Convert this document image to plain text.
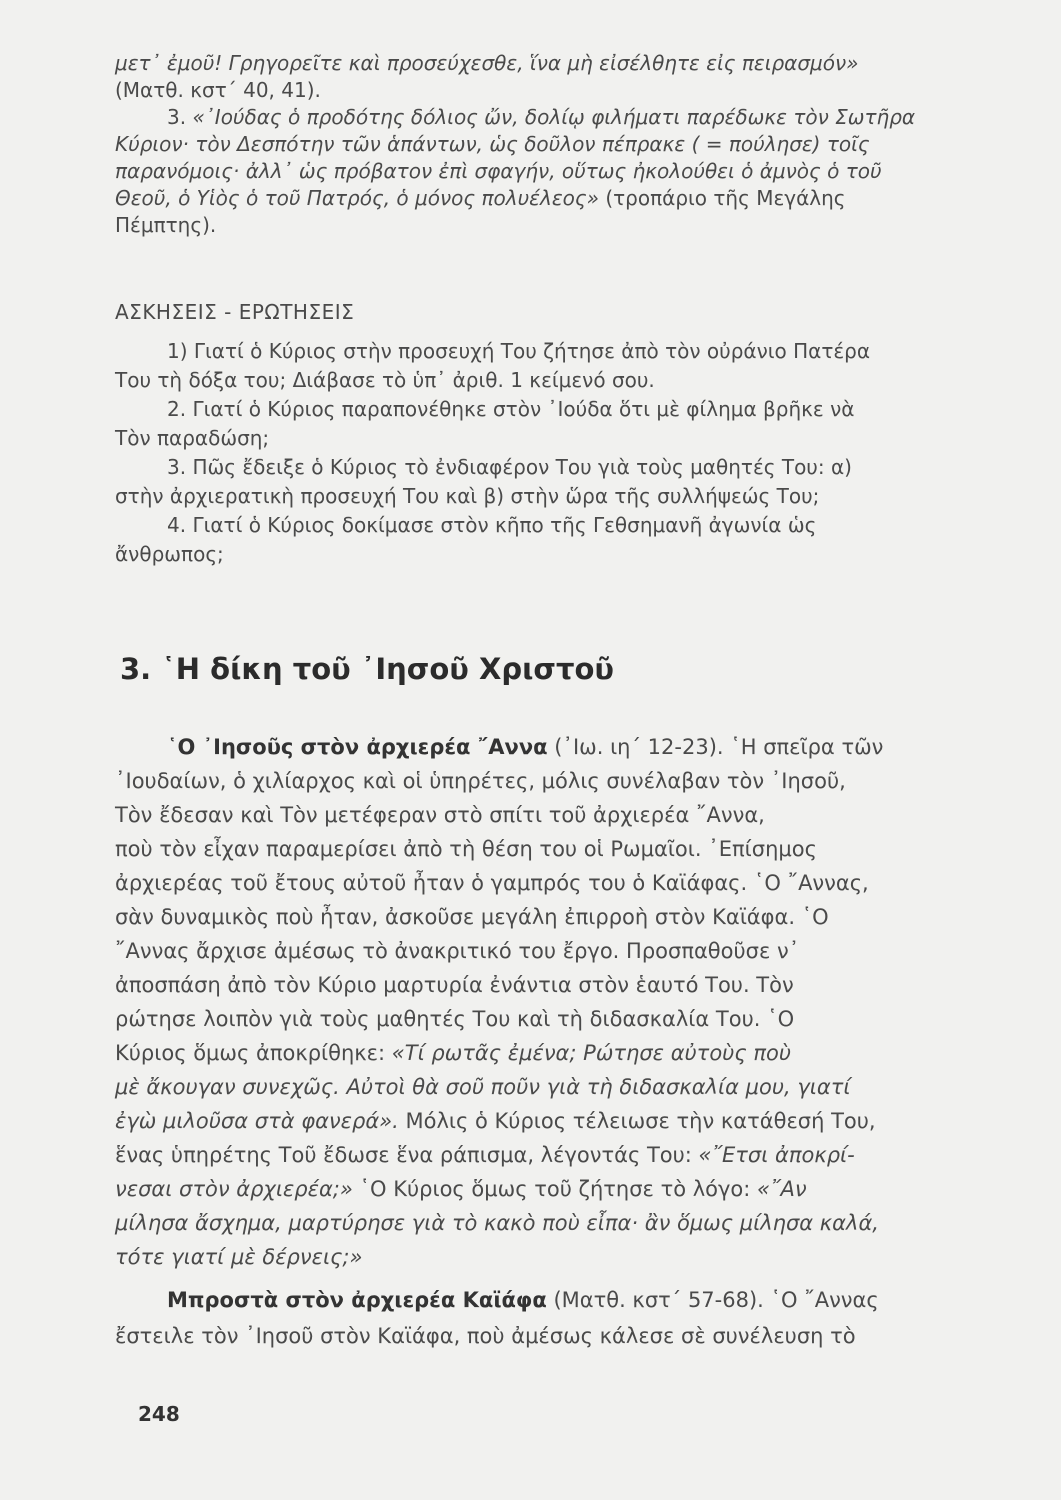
μετ᾽ ἐμοῦ! Γρηγορεῖτε καὶ προσεύχεσθε, ἵνα μὴ εἰσέλθητε εἰς πειρασμόν»
(Ματθ. κστ΄ 40, 41).
3. «᾽Ιούδας ὁ προδότης δόλιος ὤν, δολίῳ φιλήματι παρέδωκε τὸν Σωτῆρα
Κύριον· τὸν Δεσπότην τῶν ἁπάντων, ὡς δοῦλον πέπρακε ( = πούλησε) τοῖς
παρανόμοις· ἀλλ᾽ ὡς πρόβατον ἐπὶ σφαγήν, οὕτως ἠκολούθει ὁ ἀμνὸς ὁ τοῦ
Θεοῦ, ὁ Υἱὸς ὁ τοῦ Πατρός, ὁ μόνος πολυέλεος» (τροπάριο τῆς Μεγάλης
Πέμπτης).
ΑΣΚΗΣΕΙΣ - ΕΡΩΤΗΣΕΙΣ
1) Γιατί ὁ Κύριος στὴν προσευχή Του ζήτησε ἀπὸ τὸν οὐράνιο Πατέρα
Του τὴ δόξα του; Διάβασε τὸ ὑπ᾽ ἀριθ. 1 κείμενό σου.
2. Γιατί ὁ Κύριος παραπονέθηκε στὸν ᾽Ιούδα ὅτι μὲ φίλημα βρῆκε νὰ
Τὸν παραδώση;
3. Πῶς ἔδειξε ὁ Κύριος τὸ ἐνδιαφέρον Του γιὰ τοὺς μαθητές Του: α)
στὴν ἀρχιερατικὴ προσευχή Του καὶ β) στὴν ὥρα τῆς συλλήψεώς Του;
4. Γιατί ὁ Κύριος δοκίμασε στὸν κῆπο τῆς Γεθσημανῆ ἀγωνία ὡς
ἄνθρωπος;
3. ῾Η δίκη τοῦ ᾽Ιησοῦ Χριστοῦ
῾Ο ᾽Ιησοῦς στὸν ἀρχιερέα ῎Αννα (᾽Ιω. ιη΄ 12-23). ῾Η σπεῖρα τῶν
᾽Ιουδαίων, ὁ χιλίαρχος καὶ οἱ ὑπηρέτες, μόλις συνέλαβαν τὸν ᾽Ιησοῦ,
Τὸν ἔδεσαν καὶ Τὸν μετέφεραν στὸ σπίτι τοῦ ἀρχιερέα ῎Αννα,
ποὺ τὸν εἶχαν παραμερίσει ἀπὸ τὴ θέση του οἱ Ρωμαῖοι. ᾽Επίσημος
ἀρχιερέας τοῦ ἔτους αὐτοῦ ἦταν ὁ γαμπρός του ὁ Καϊάφας. ῾Ο ῎Αννας,
σὰν δυναμικὸς ποὺ ἦταν, ἀσκοῦσε μεγάλη ἐπιρροὴ στὸν Καϊάφα. ῾Ο
῎Αννας ἄρχισε ἀμέσως τὸ ἀνακριτικό του ἔργο. Προσπαθοῦσε ν᾽
ἀποσπάση ἀπὸ τὸν Κύριο μαρτυρία ἐνάντια στὸν ἑαυτό Του. Τὸν
ρώτησε λοιπὸν γιὰ τοὺς μαθητές Του καὶ τὴ διδασκαλία Του. ῾Ο
Κύριος ὅμως ἀποκρίθηκε: «Τί ρωτᾶς ἐμένα; Ρώτησε αὐτοὺς ποὺ
μὲ ἄκουγαν συνεχῶς. Αὐτοὶ θὰ σοῦ ποῦν γιὰ τὴ διδασκαλία μου, γιατί
ἐγὼ μιλοῦσα στὰ φανερά». Μόλις ὁ Κύριος τέλειωσε τὴν κατάθεσή Του,
ἕνας ὑπηρέτης Τοῦ ἔδωσε ἕνα ράπισμα, λέγοντάς Του: «῎Ετσι ἀποκρί-
νεσαι στὸν ἀρχιερέα;» ῾Ο Κύριος ὅμως τοῦ ζήτησε τὸ λόγο: «῎Αν
μίλησα ἄσχημα, μαρτύρησε γιὰ τὸ κακὸ ποὺ εἶπα· ἂν ὅμως μίλησα καλά,
τότε γιατί μὲ δέρνεις;»
Μπροστὰ στὸν ἀρχιερέα Καϊάφα (Ματθ. κστ΄ 57-68). ῾Ο ῎Αννας
ἔστειλε τὸν ᾽Ιησοῦ στὸν Καϊάφα, ποὺ ἀμέσως κάλεσε σὲ συνέλευση τὸ
248
